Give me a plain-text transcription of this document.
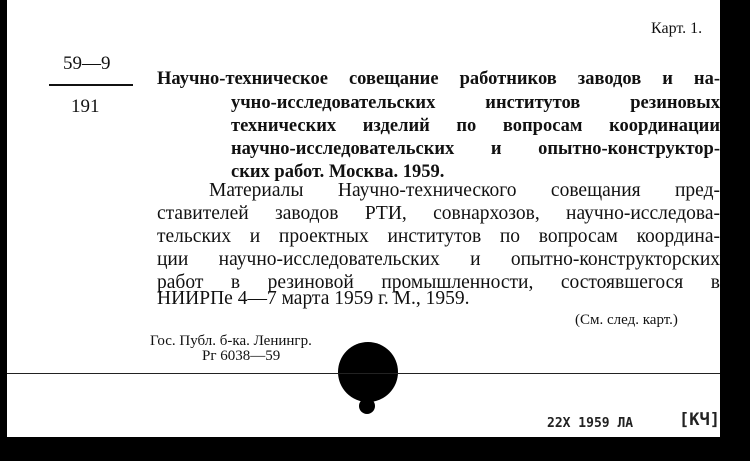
Карт. 1.
59—9
191
Научно-техническое совещание работников заводов и на-
учно-исследовательских институтов резиновых
технических изделий по вопросам координации
научно-исследовательских и опытно-конструктор-
ских работ. Москва. 1959.
Материалы Научно-технического совещания пред-
ставителей заводов РТИ, совнархозов, научно-исследова-
тельских и проектных институтов по вопросам координа-
ции научно-исследовательских и опытно-конструкторских
работ в резиновой промышленности, состоявшегося в
НИИРПе 4—7 марта 1959 г. М., 1959.
(См. след. карт.)
Гос. Публ. б-ка. Ленингр.
Рг 6038—59
22Х 1959 ЛА	[КЧ]
